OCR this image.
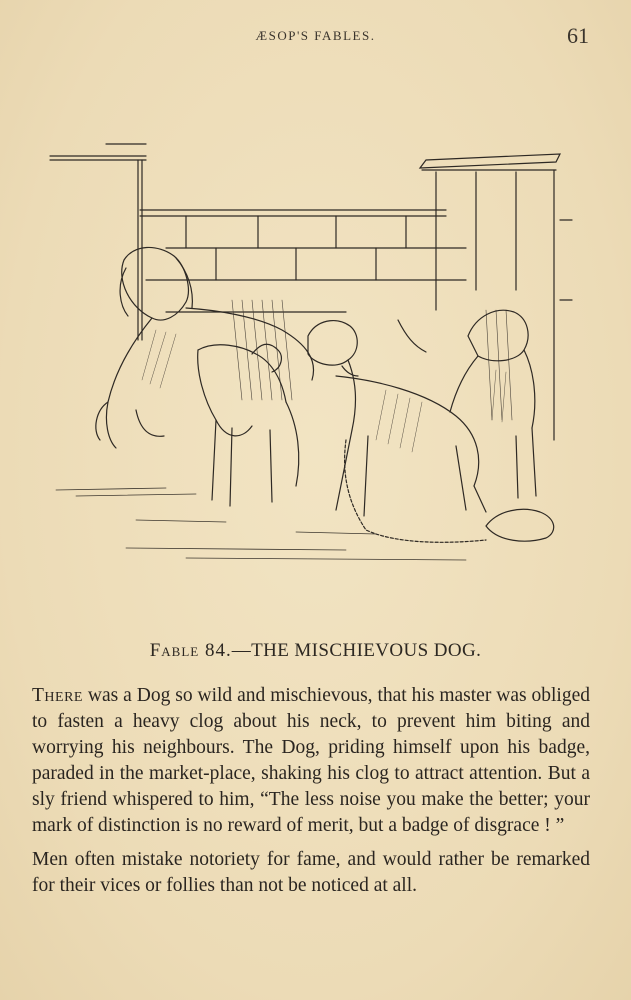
ÆSOP'S FABLES.	61
Fable 84.—THE MISCHIEVOUS DOG.

There was a Dog so wild and mischievous, that his master was obliged to fasten a heavy clog about his neck, to prevent him biting and worrying his neighbours. The Dog, priding himself upon his badge, paraded in the market-place, shaking his clog to attract attention. But a sly friend whispered to him, “The less noise you make the better; your mark of distinction is no reward of merit, but a badge of disgrace ! ”

Men often mistake notoriety for fame, and would rather be remarked for their vices or follies than not be noticed at all.
